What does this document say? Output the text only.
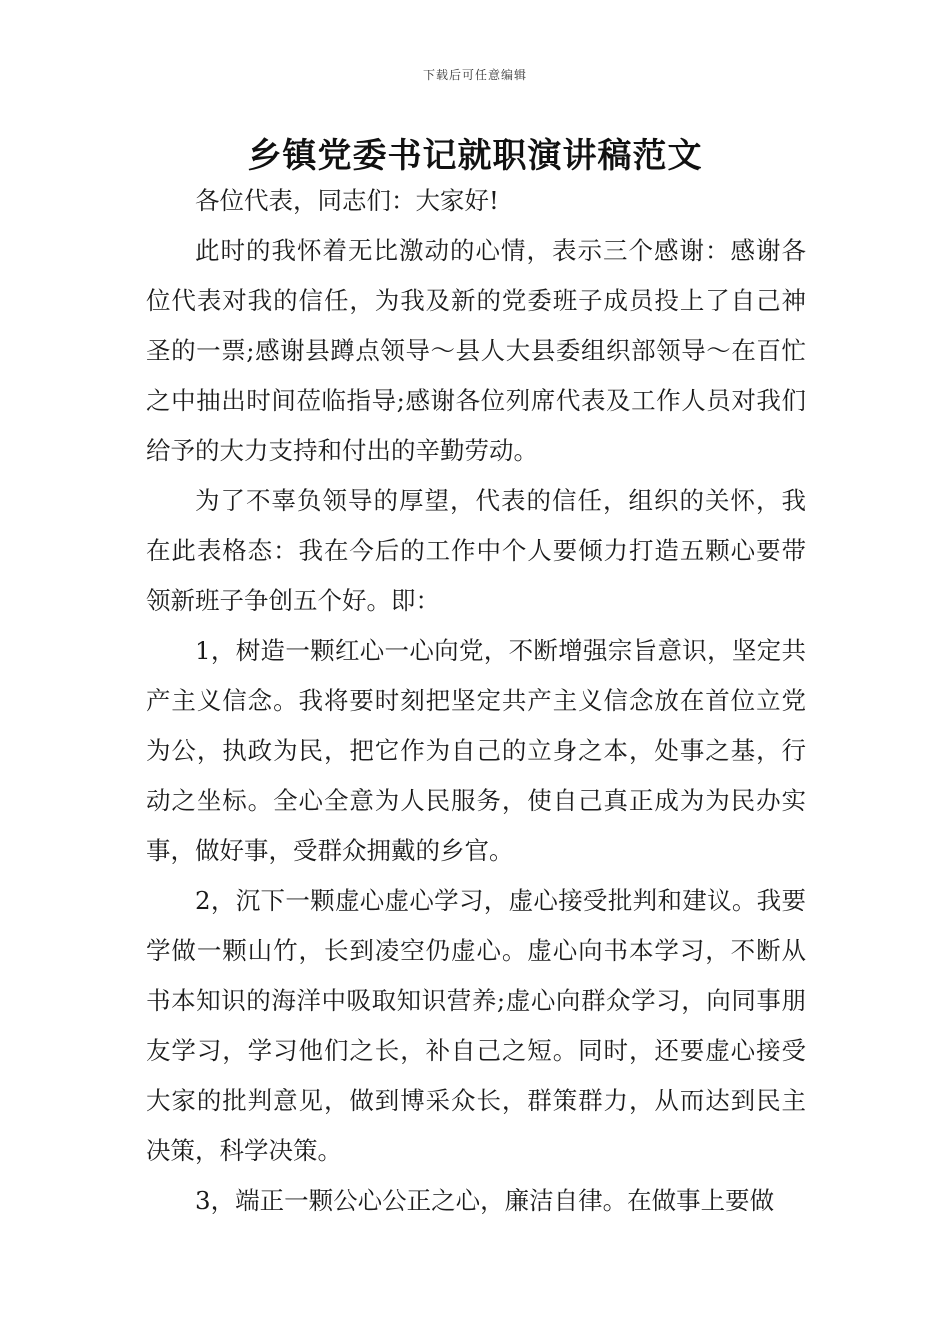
下载后可任意编辑
乡镇党委书记就职演讲稿范文

各位代表，同志们：大家好!

此时的我怀着无比激动的心情，表示三个感谢：感谢各位代表对我的信任，为我及新的党委班子成员投上了自己神圣的一票;感谢县蹲点领导～县人大县委组织部领导～在百忙之中抽出时间莅临指导;感谢各位列席代表及工作人员对我们给予的大力支持和付出的辛勤劳动。

为了不辜负领导的厚望，代表的信任，组织的关怀，我在此表格态：我在今后的工作中个人要倾力打造五颗心要带领新班子争创五个好。即：

1，树造一颗红心一心向党，不断增强宗旨意识，坚定共产主义信念。我将要时刻把坚定共产主义信念放在首位立党为公，执政为民，把它作为自己的立身之本，处事之基，行动之坐标。全心全意为人民服务，使自己真正成为为民办实事，做好事，受群众拥戴的乡官。

2，沉下一颗虚心虚心学习，虚心接受批判和建议。我要学做一颗山竹，长到凌空仍虚心。虚心向书本学习，不断从书本知识的海洋中吸取知识营养;虚心向群众学习，向同事朋友学习，学习他们之长，补自己之短。同时，还要虚心接受大家的批判意见，做到博采众长，群策群力，从而达到民主决策，科学决策。

3，端正一颗公心公正之心，廉洁自律。在做事上要做
